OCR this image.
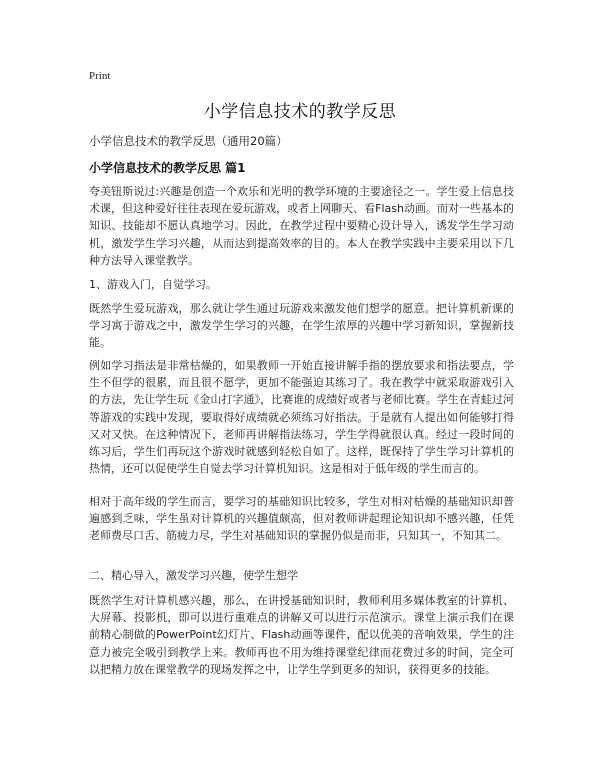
Print
小学信息技术的教学反思
小学信息技术的教学反思（通用20篇）
小学信息技术的教学反思 篇1
夸美钮斯说过:兴趣是创造一个欢乐和光明的教学环境的主要途径之一。学生爱上信息技术课，但这种爱好往往表现在爱玩游戏，或者上网聊天、看Flash动画。而对一些基本的知识、技能却不愿认真地学习。因此，在教学过程中要精心设计导入，诱发学生学习动机，激发学生学习兴趣，从而达到提高效率的目的。本人在教学实践中主要采用以下几种方法导入课堂教学。
1、游戏入门，自觉学习。
既然学生爱玩游戏，那么就让学生通过玩游戏来激发他们想学的愿意。把计算机新课的学习寓于游戏之中，激发学生学习的兴趣，在学生浓厚的兴趣中学习新知识，掌握新技能。
例如学习指法是非常枯燥的，如果教师一开始直接讲解手指的摆放要求和指法要点，学生不但学的很累，而且很不愿学，更加不能强迫其练习了。我在教学中就采取游戏引入的方法，先让学生玩《金山打字通》，比赛谁的成绩好或者与老师比赛。学生在青蛙过河等游戏的实践中发现，要取得好成绩就必须练习好指法。于是就有人提出如何能够打得又对又快。在这种情况下，老师再讲解指法练习，学生学得就很认真。经过一段时间的练习后，学生们再玩这个游戏时就感到轻松自如了。这样，既保持了学生学习计算机的热情，还可以促使学生自觉去学习计算机知识。这是相对于低年级的学生而言的。
相对于高年级的学生而言，要学习的基础知识比较多，学生对相对枯燥的基础知识却普遍感到乏味，学生虽对计算机的兴趣值颇高，但对教师讲起理论知识却不感兴趣，任凭老师费尽口舌、筋疲力尽，学生对基础知识的掌握仍似是而非，只知其一，不知其二。
二、精心导入，激发学习兴趣，使学生想学
既然学生对计算机感兴趣，那么，在讲授基础知识时，教师利用多媒体教室的计算机、大屏幕、投影机，即可以进行重难点的讲解又可以进行示范演示。课堂上演示我们在课前精心制做的PowerPoint幻灯片、Flash动画等课件，配以优美的音响效果，学生的注意力被完全吸引到教学上来。教师再也不用为维持课堂纪律而花费过多的时间，完全可以把精力放在课堂教学的现场发挥之中，让学生学到更多的知识，获得更多的技能。
